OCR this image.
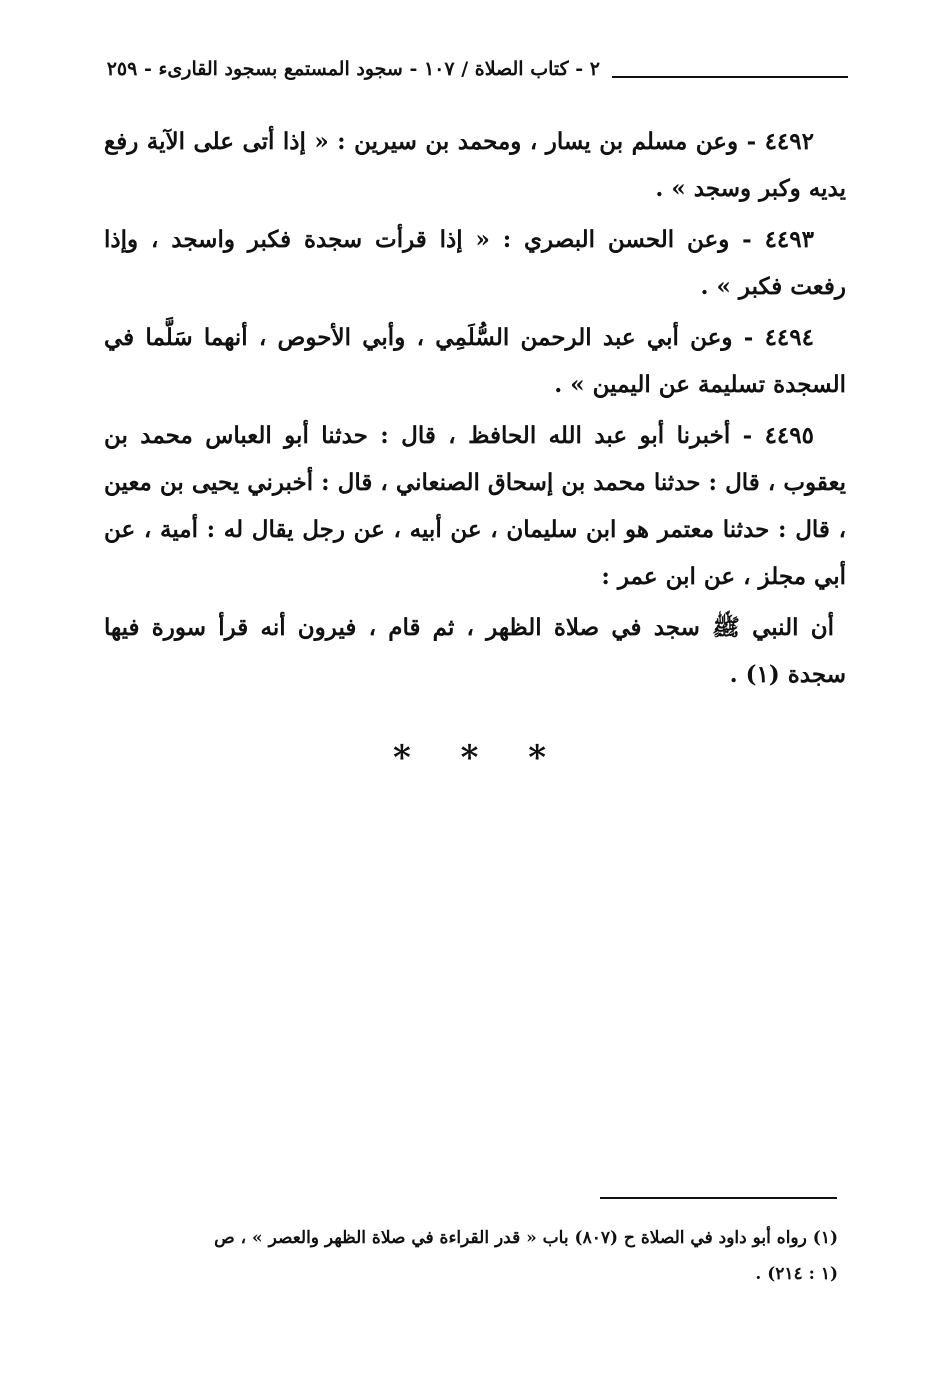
٢ - كتاب الصلاة / ١٠٧ - سجود المستمع بسجود القارىء - ٢٥٩

٤٤٩٢ - وعن مسلم بن يسار ، ومحمد بن سيرين : « إذا أتى على الآية رفع يديه وكبر وسجد » .

٤٤٩٣ - وعن الحسن البصري : « إذا قرأت سجدة فكبر واسجد ، وإذا رفعت فكبر » .

٤٤٩٤ - وعن أبي عبد الرحمن السُّلَمِي ، وأبي الأحوص ، أنهما سَلَّما في السجدة تسليمة عن اليمين » .

٤٤٩٥ - أخبرنا أبو عبد الله الحافظ ، قال : حدثنا أبو العباس محمد بن يعقوب ، قال : حدثنا محمد بن إسحاق الصنعاني ، قال : أخبرني يحيى بن معين ، قال : حدثنا معتمر هو ابن سليمان ، عن أبيه ، عن رجل يقال له : أمية ، عن أبي مجلز ، عن ابن عمر :

أن النبي ﷺ سجد في صلاة الظهر ، ثم قام ، فيرون أنه قرأ سورة فيها سجدة (١) .

* * *

(١) رواه أبو داود في الصلاة ح (٨٠٧) باب « قدر القراءة في صلاة الظهر والعصر » ، ص

(١ : ٢١٤) .
